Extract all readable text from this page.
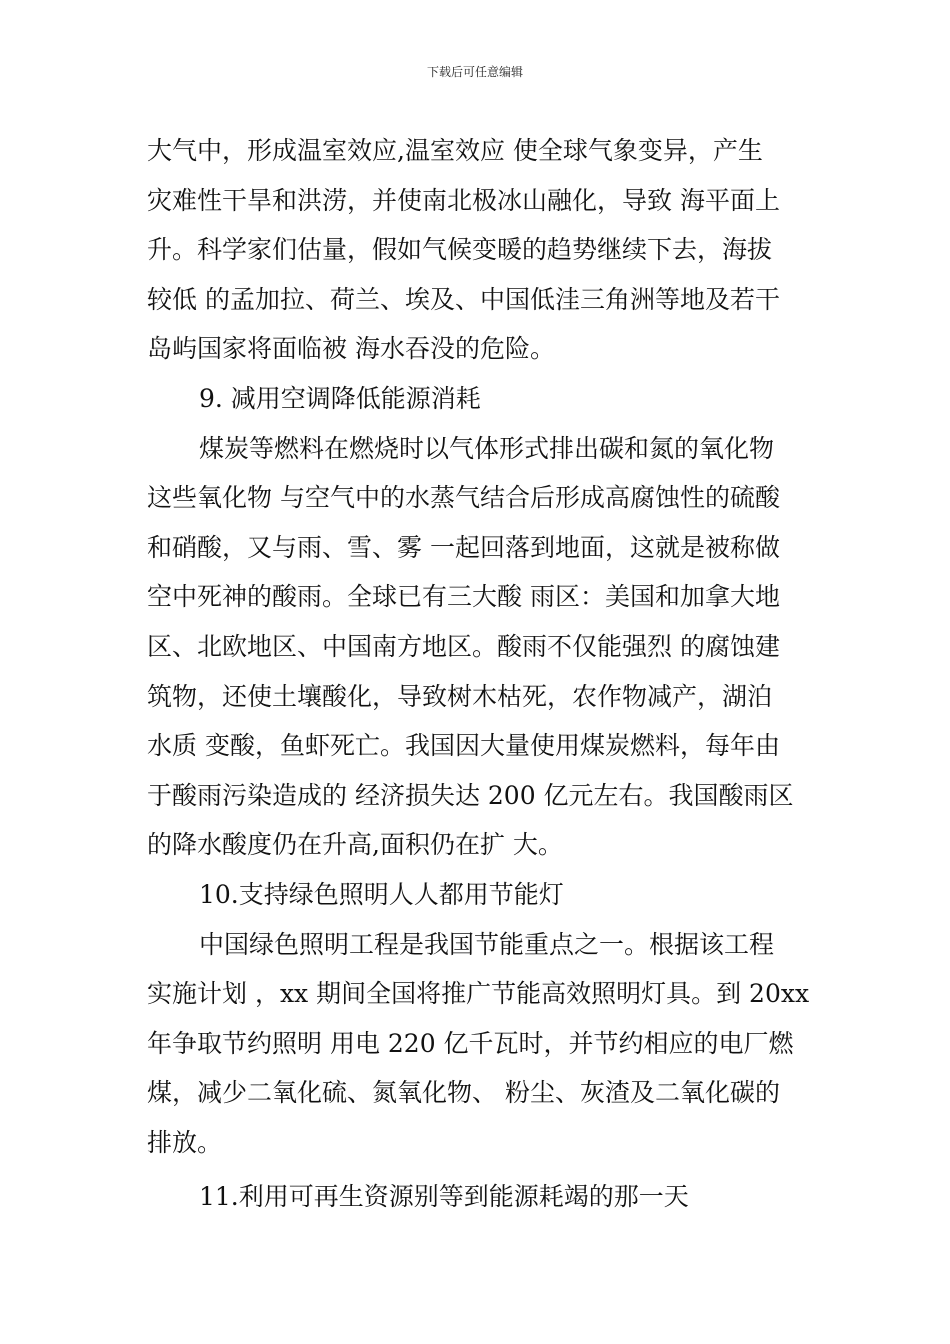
下载后可任意编辑
大气中，形成温室效应,温室效应 使全球气象变异，产生
灾难性干旱和洪涝，并使南北极冰山融化，导致 海平面上
升。科学家们估量，假如气候变暖的趋势继续下去，海拔
较低 的孟加拉、荷兰、埃及、中国低洼三角洲等地及若干
岛屿国家将面临被 海水吞没的危险。
9. 减用空调降低能源消耗
煤炭等燃料在燃烧时以气体形式排出碳和氮的氧化物
这些氧化物 与空气中的水蒸气结合后形成高腐蚀性的硫酸
和硝酸，又与雨、雪、雾 一起回落到地面，这就是被称做
空中死神的酸雨。全球已有三大酸 雨区：美国和加拿大地
区、北欧地区、中国南方地区。酸雨不仅能强烈 的腐蚀建
筑物，还使土壤酸化，导致树木枯死，农作物减产，湖泊
水质 变酸，鱼虾死亡。我国因大量使用煤炭燃料，每年由
于酸雨污染造成的 经济损失达 200 亿元左右。我国酸雨区
的降水酸度仍在升高,面积仍在扩 大。
10.支持绿色照明人人都用节能灯
中国绿色照明工程是我国节能重点之一。根据该工程
实施计划 ，xx 期间全国将推广节能高效照明灯具。到 20xx
年争取节约照明 用电 220 亿千瓦时，并节约相应的电厂燃
煤，减少二氧化硫、氮氧化物、 粉尘、灰渣及二氧化碳的
排放。
11.利用可再生资源别等到能源耗竭的那一天
